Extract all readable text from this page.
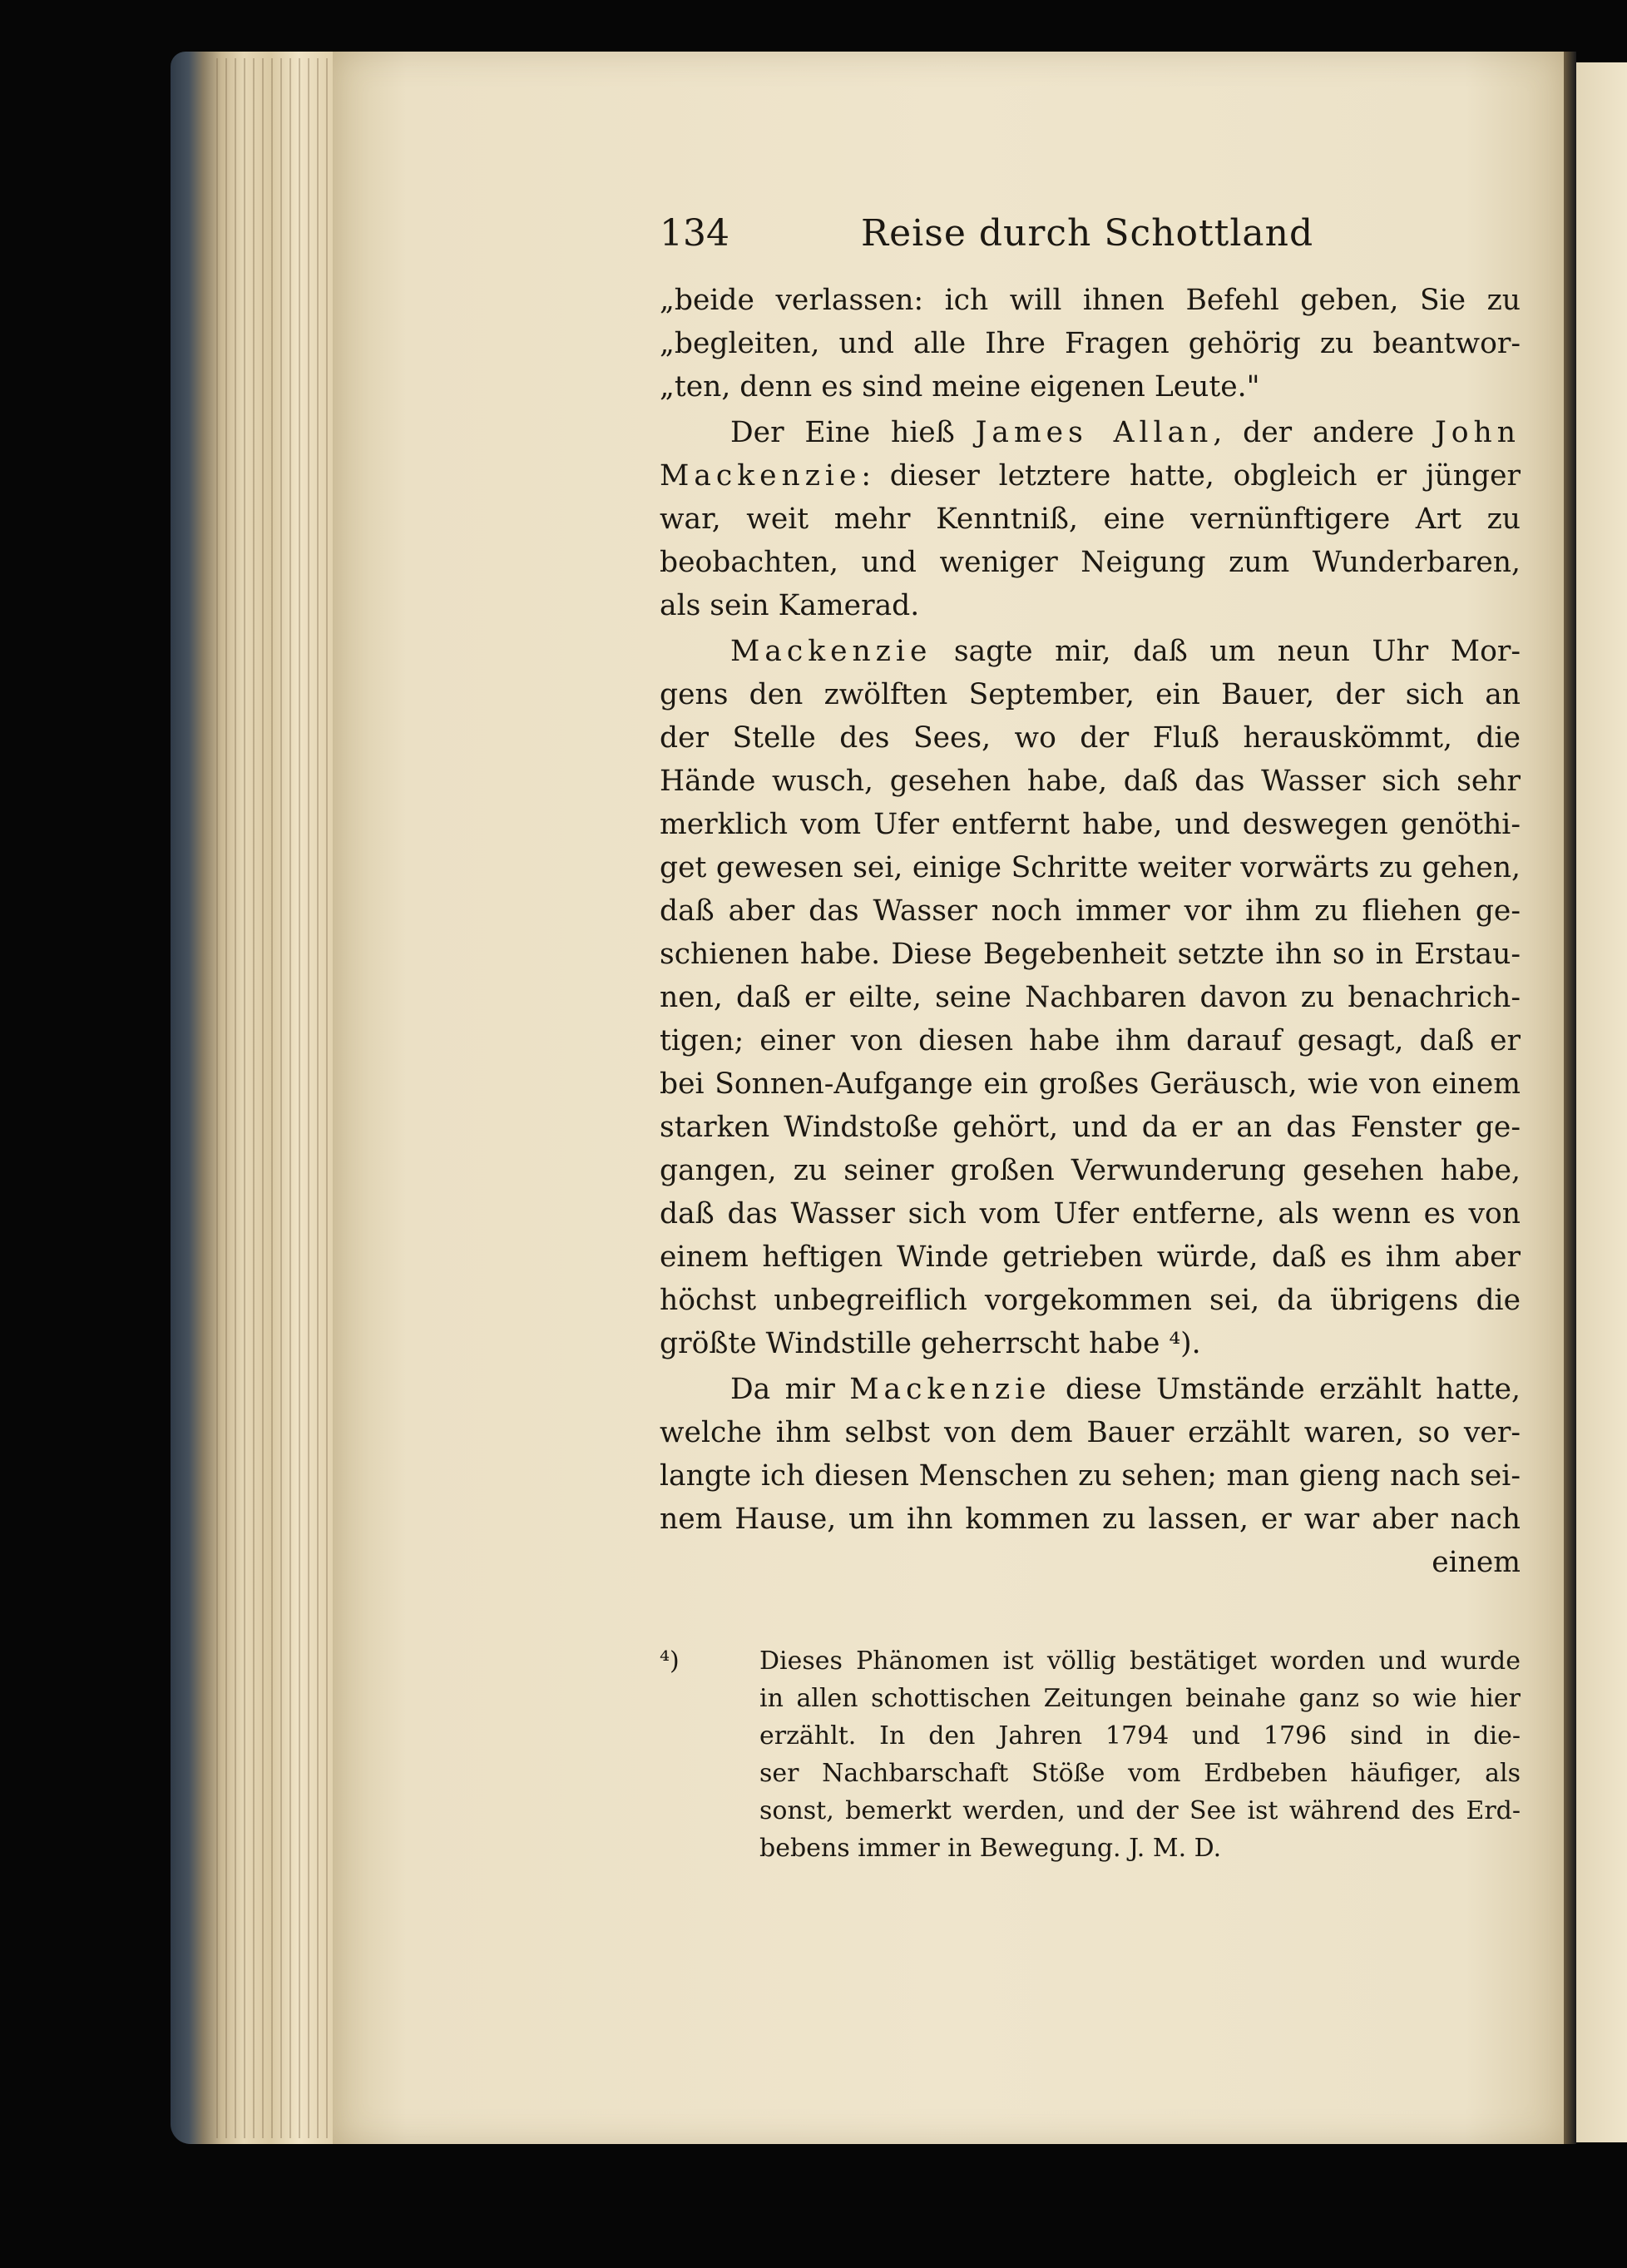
134	Reise durch Schottland
„beide verlassen: ich will ihnen Befehl geben, Sie zu
„begleiten, und alle Ihre Fragen gehörig zu beantwor-
„ten, denn es sind meine eigenen Leute."
Der Eine hieß James Allan, der andere John
Mackenzie: dieser letztere hatte, obgleich er jünger
war, weit mehr Kenntniß, eine vernünftigere Art zu
beobachten, und weniger Neigung zum Wunderbaren,
als sein Kamerad.
Mackenzie sagte mir, daß um neun Uhr Mor-
gens den zwölften September, ein Bauer, der sich an
der Stelle des Sees, wo der Fluß herauskömmt, die
Hände wusch, gesehen habe, daß das Wasser sich sehr
merklich vom Ufer entfernt habe, und deswegen genöthi-
get gewesen sei, einige Schritte weiter vorwärts zu gehen,
daß aber das Wasser noch immer vor ihm zu fliehen ge-
schienen habe. Diese Begebenheit setzte ihn so in Erstau-
nen, daß er eilte, seine Nachbaren davon zu benachrich-
tigen; einer von diesen habe ihm darauf gesagt, daß er
bei Sonnen-Aufgange ein großes Geräusch, wie von einem
starken Windstoße gehört, und da er an das Fenster ge-
gangen, zu seiner großen Verwunderung gesehen habe,
daß das Wasser sich vom Ufer entferne, als wenn es von
einem heftigen Winde getrieben würde, daß es ihm aber
höchst unbegreiflich vorgekommen sei, da übrigens die
größte Windstille geherrscht habe ⁴).
Da mir Mackenzie diese Umstände erzählt hatte,
welche ihm selbst von dem Bauer erzählt waren, so ver-
langte ich diesen Menschen zu sehen; man gieng nach sei-
nem Hause, um ihn kommen zu lassen, er war aber nach
einem
⁴)	Dieses Phänomen ist völlig bestätiget worden und wurde
in allen schottischen Zeitungen beinahe ganz so wie hier
erzählt. In den Jahren 1794 und 1796 sind in die-
ser Nachbarschaft Stöße vom Erdbeben häufiger, als
sonst, bemerkt werden, und der See ist während des Erd-
bebens immer in Bewegung. J. M. D.
